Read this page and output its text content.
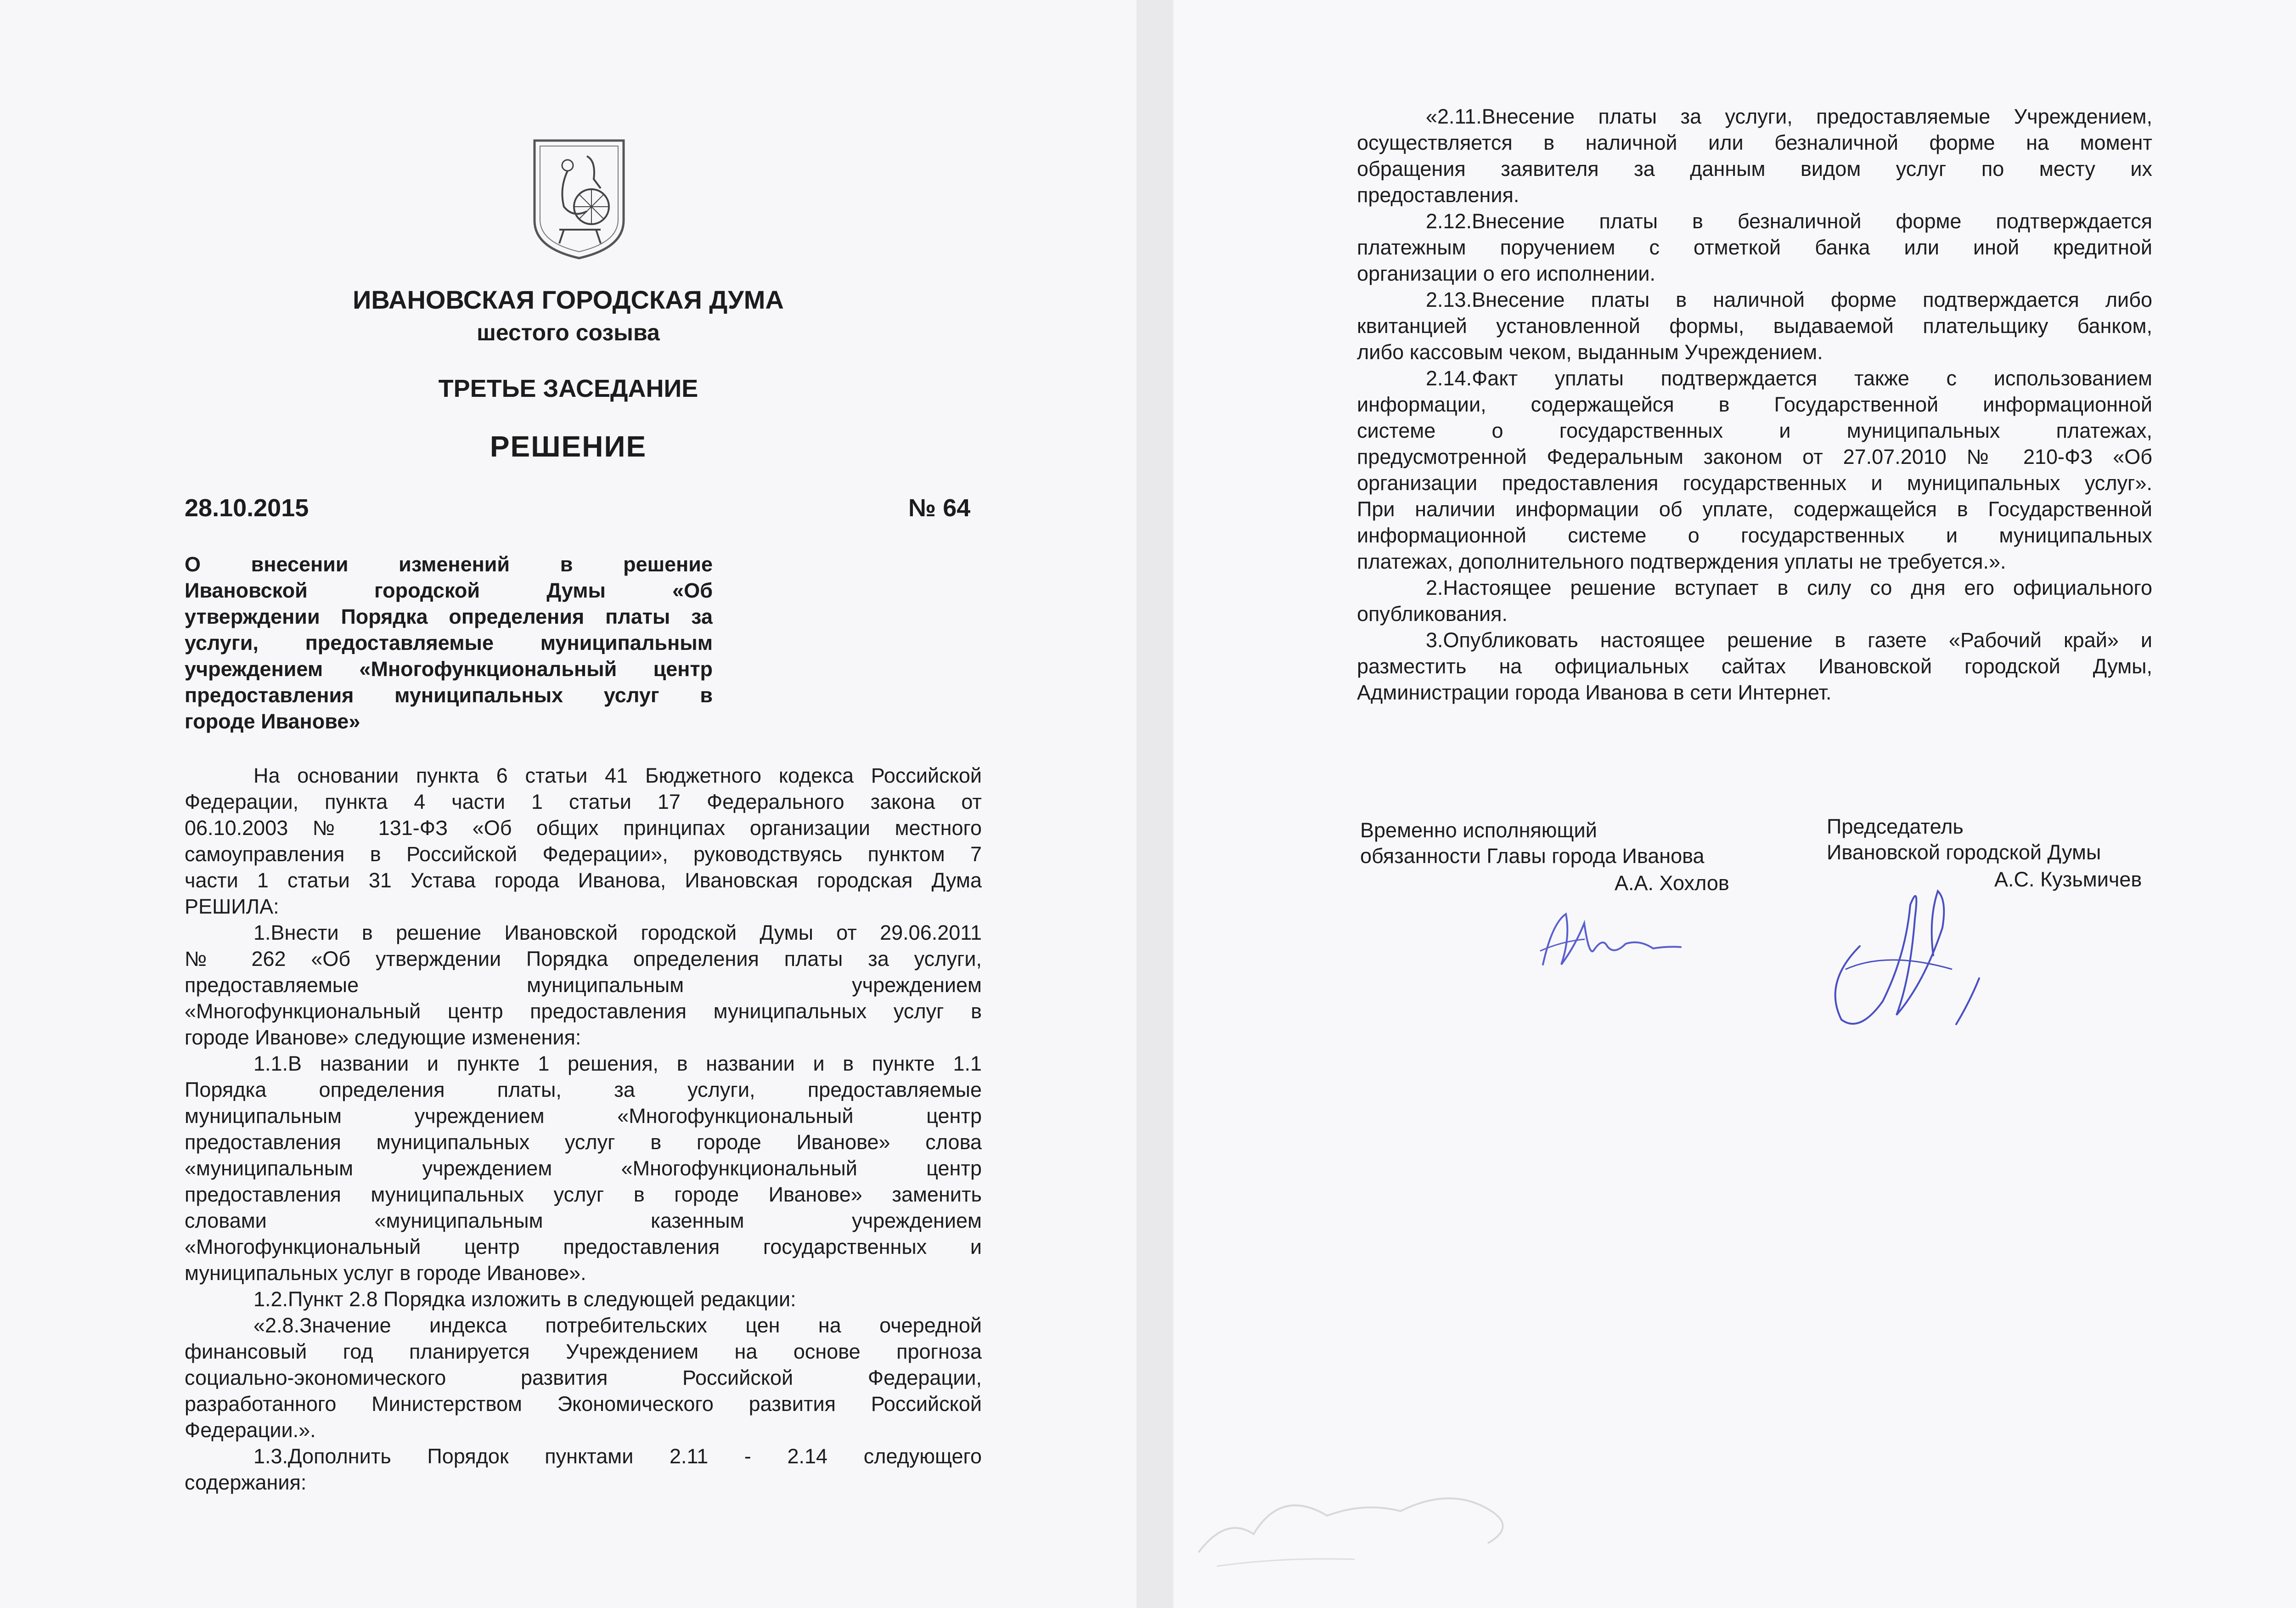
ИВАНОВСКАЯ ГОРОДСКАЯ ДУМА
шестого созыва
ТРЕТЬЕ ЗАСЕДАНИЕ
РЕШЕНИЕ
28.10.2015	№ 64
О внесении изменений в решение
Ивановской городской Думы «Об
утверждении Порядка определения платы за
услуги, предоставляемые муниципальным
учреждением «Многофункциональный центр
предоставления муниципальных услуг в
городе Иванове»
На основании пункта 6 статьи 41 Бюджетного кодекса Российской
Федерации, пункта 4 части 1 статьи 17 Федерального закона от
06.10.2003 № 131-ФЗ «Об общих принципах организации местного
самоуправления в Российской Федерации», руководствуясь пунктом 7
части 1 статьи 31 Устава города Иванова, Ивановская городская Дума
РЕШИЛА:
1.Внести в решение Ивановской городской Думы от 29.06.2011
№ 262 «Об утверждении Порядка определения платы за услуги,
предоставляемые муниципальным учреждением
«Многофункциональный центр предоставления муниципальных услуг в
городе Иванове» следующие изменения:
1.1.В названии и пункте 1 решения, в названии и в пункте 1.1
Порядка определения платы, за услуги, предоставляемые
муниципальным учреждением «Многофункциональный центр
предоставления муниципальных услуг в городе Иванове» слова
«муниципальным учреждением «Многофункциональный центр
предоставления муниципальных услуг в городе Иванове» заменить
словами «муниципальным казенным учреждением
«Многофункциональный центр предоставления государственных и
муниципальных услуг в городе Иванове».
1.2.Пункт 2.8 Порядка изложить в следующей редакции:
«2.8.Значение индекса потребительских цен на очередной
финансовый год планируется Учреждением на основе прогноза
социально-экономического развития Российской Федерации,
разработанного Министерством Экономического развития Российской
Федерации.».
1.3.Дополнить Порядок пунктами 2.11 - 2.14 следующего
содержания:
«2.11.Внесение платы за услуги, предоставляемые Учреждением,
осуществляется в наличной или безналичной форме на момент
обращения заявителя за данным видом услуг по месту их
предоставления.
2.12.Внесение платы в безналичной форме подтверждается
платежным поручением с отметкой банка или иной кредитной
организации о его исполнении.
2.13.Внесение платы в наличной форме подтверждается либо
квитанцией установленной формы, выдаваемой плательщику банком,
либо кассовым чеком, выданным Учреждением.
2.14.Факт уплаты подтверждается также с использованием
информации, содержащейся в Государственной информационной
системе о государственных и муниципальных платежах,
предусмотренной Федеральным законом от 27.07.2010 № 210-ФЗ «Об
организации предоставления государственных и муниципальных услуг».
При наличии информации об уплате, содержащейся в Государственной
информационной системе о государственных и муниципальных
платежах, дополнительного подтверждения уплаты не требуется.».
2.Настоящее решение вступает в силу со дня его официального
опубликования.
3.Опубликовать настоящее решение в газете «Рабочий край» и
разместить на официальных сайтах Ивановской городской Думы,
Администрации города Иванова в сети Интернет.
Временно исполняющий
обязанности Главы города Иванова
А.А. Хохлов
Председатель
Ивановской городской Думы
А.С. Кузьмичев
